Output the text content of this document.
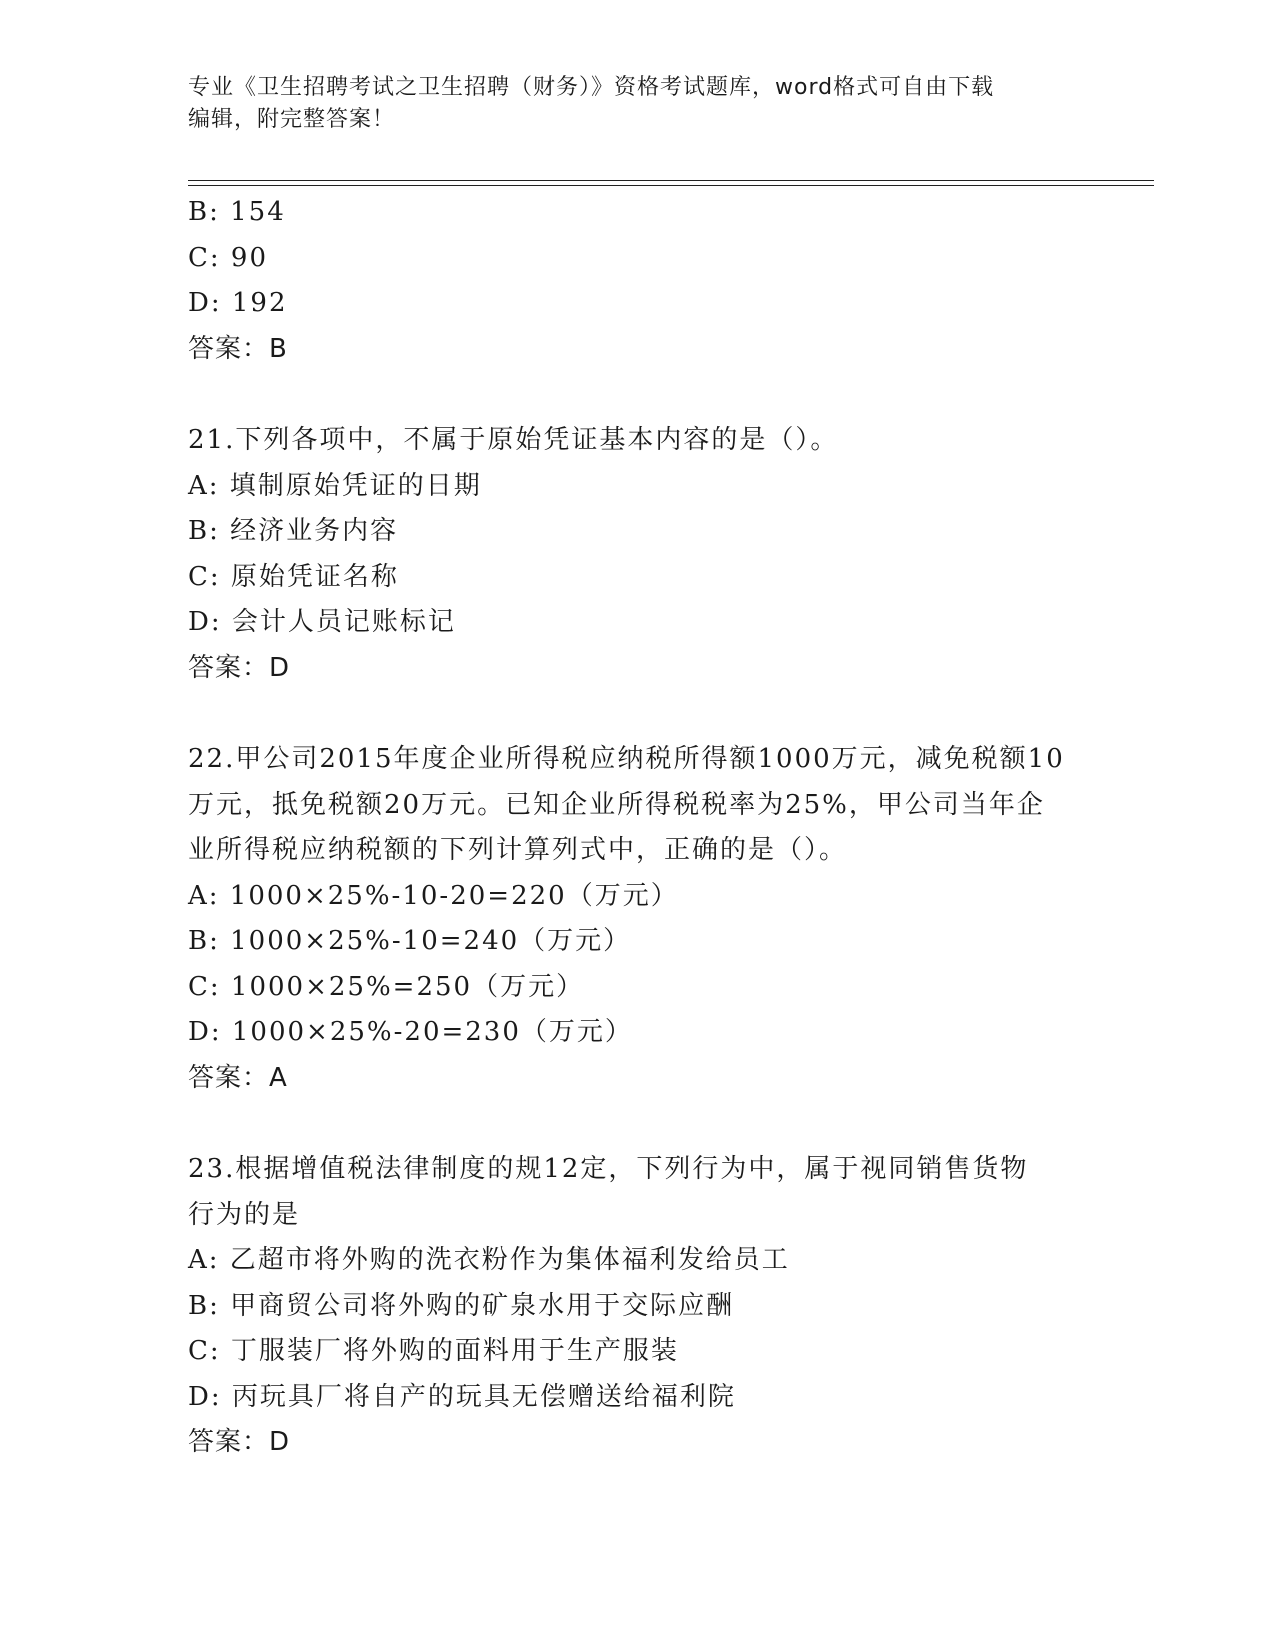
专业《卫生招聘考试之卫生招聘（财务）》资格考试题库，word格式可自由下载
编辑，附完整答案！
B: 154
C: 90
D: 192
答案：B
21.下列各项中，不属于原始凭证基本内容的是（）。
A: 填制原始凭证的日期
B: 经济业务内容
C: 原始凭证名称
D: 会计人员记账标记
答案：D
22.甲公司2015年度企业所得税应纳税所得额1000万元，减免税额10
万元，抵免税额20万元。已知企业所得税税率为25%，甲公司当年企
业所得税应纳税额的下列计算列式中，正确的是（）。
A: 1000×25%-10-20=220（万元）
B: 1000×25%-10=240（万元）
C: 1000×25%=250（万元）
D: 1000×25%-20=230（万元）
答案：A
23.根据增值税法律制度的规12定，下列行为中，属于视同销售货物
行为的是
A: 乙超市将外购的洗衣粉作为集体福利发给员工
B: 甲商贸公司将外购的矿泉水用于交际应酬
C: 丁服装厂将外购的面料用于生产服装
D: 丙玩具厂将自产的玩具无偿赠送给福利院
答案：D
